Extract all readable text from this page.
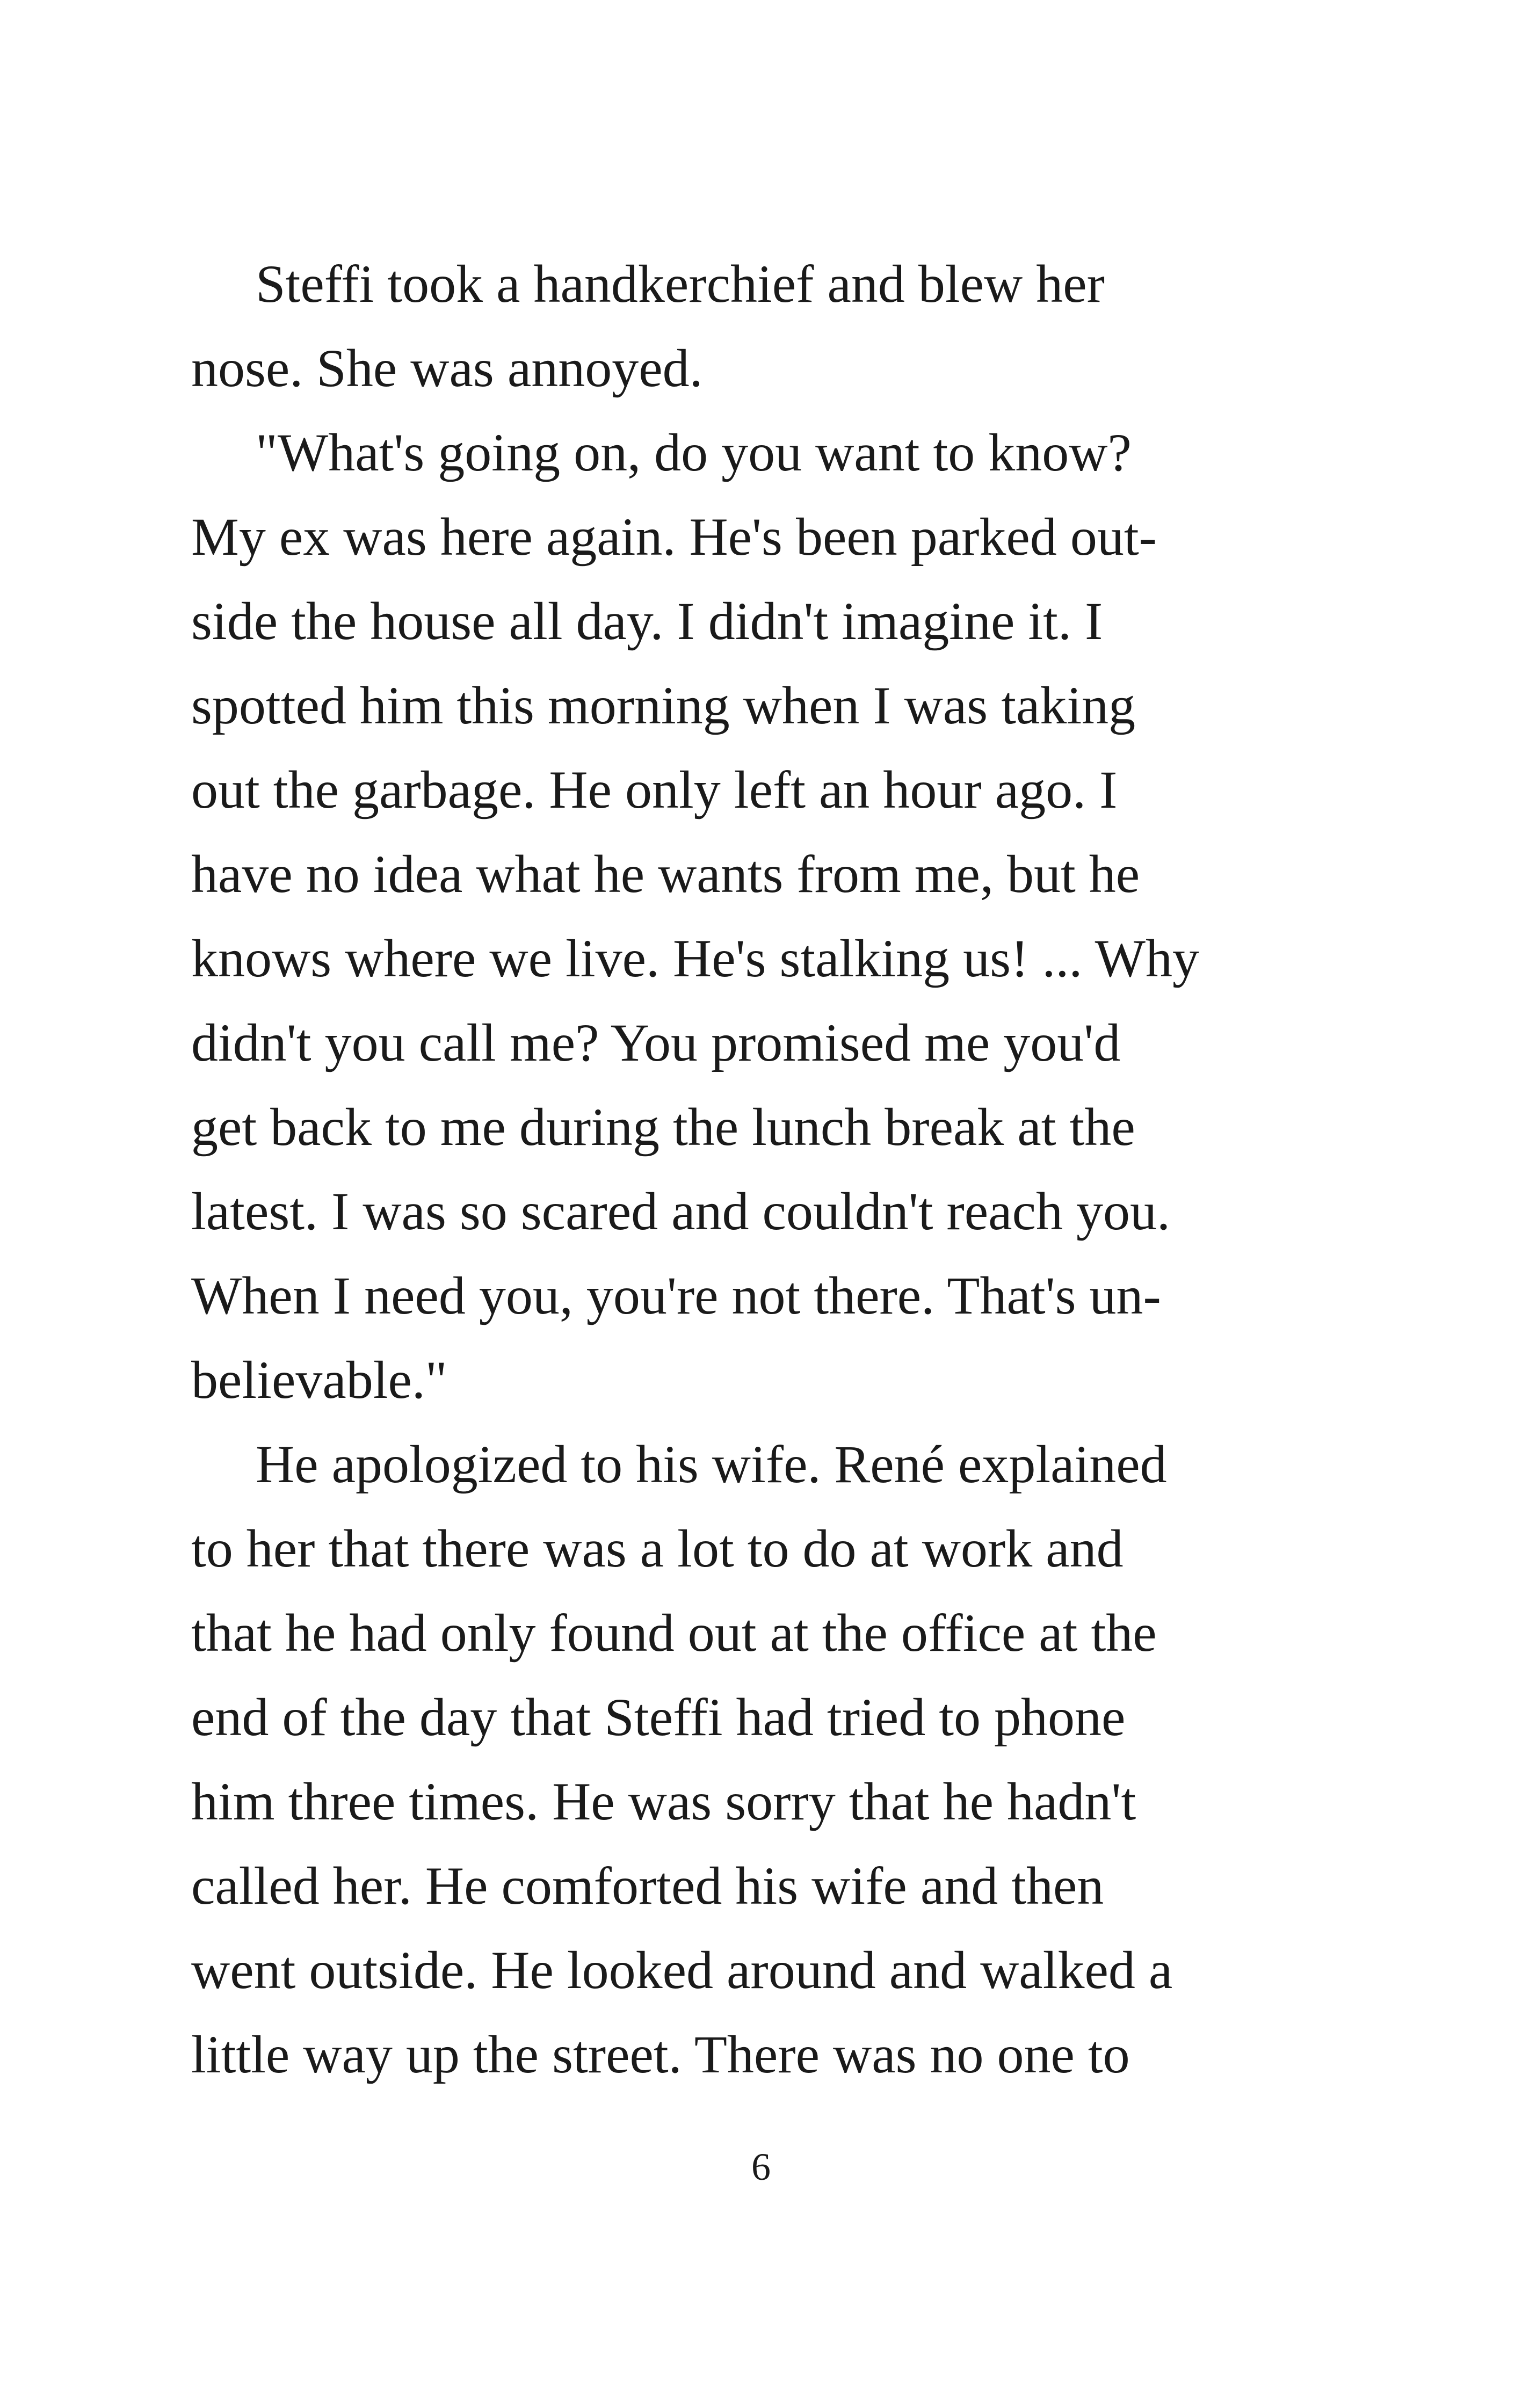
Steffi took a handkerchief and blew her
nose. She was annoyed.
"What's going on, do you want to know?
My ex was here again. He's been parked out-
side the house all day. I didn't imagine it. I
spotted him this morning when I was taking
out the garbage. He only left an hour ago. I
have no idea what he wants from me, but he
knows where we live. He's stalking us! ... Why
didn't you call me? You promised me you'd
get back to me during the lunch break at the
latest. I was so scared and couldn't reach you.
When I need you, you're not there. That's un-
believable."
He apologized to his wife. René explained
to her that there was a lot to do at work and
that he had only found out at the office at the
end of the day that Steffi had tried to phone
him three times. He was sorry that he hadn't
called her. He comforted his wife and then
went outside. He looked around and walked a
little way up the street. There was no one to
6
